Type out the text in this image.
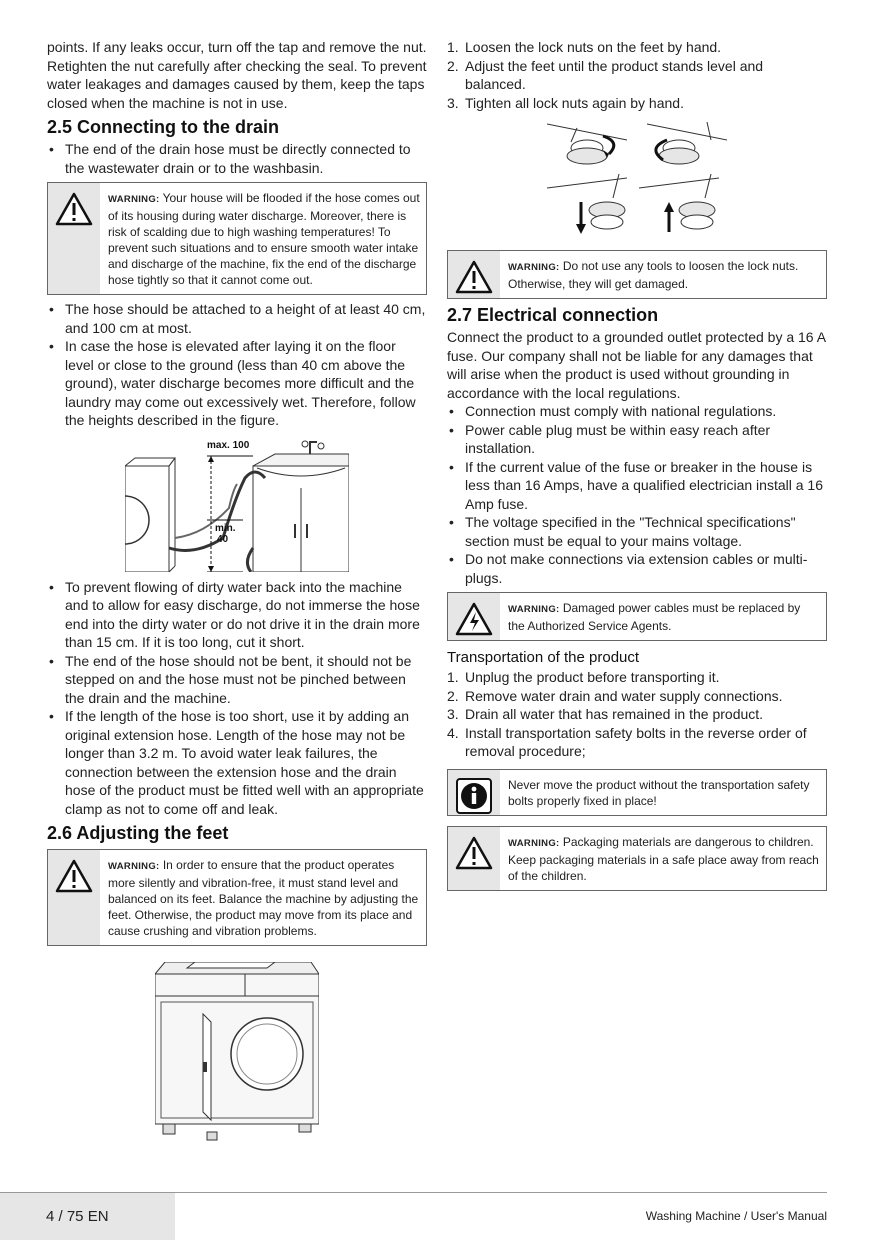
points. If any leaks occur, turn off the tap and remove the nut. Retighten the nut carefully after checking the seal. To prevent water leakages and damages caused by them, keep the taps closed when the machine is not in use.

2.5 Connecting to the drain
• The end of the drain hose must be directly connected to the wastewater drain or to the washbasin.
WARNING: Your house will be flooded if the hose comes out of its housing during water discharge. Moreover, there is risk of scalding due to high washing temperatures! To prevent such situations and to ensure smooth water intake and discharge of the machine, fix the end of the discharge hose tightly so that it cannot come out.
• The hose should be attached to a height of at least 40 cm, and 100 cm at most.
• In case the hose is elevated after laying it on the floor level or close to the ground (less than 40 cm above the ground), water discharge becomes more difficult and the laundry may come out excessively wet. Therefore, follow the heights described in the figure.
max. 100
min.
40
• To prevent flowing of dirty water back into the machine and to allow for easy discharge, do not immerse the hose end into the dirty water or do not drive it in the drain more than 15 cm. If it is too long, cut it short.
• The end of the hose should not be bent, it should not be stepped on and the hose must not be pinched between the drain and the machine.
• If the length of the hose is too short, use it by adding an original extension hose. Length of the hose may not be longer than 3.2 m. To avoid water leak failures, the connection between the extension hose and the drain hose of the product must be fitted well with an appropriate clamp as not to come off and leak.
2.6 Adjusting the feet
WARNING: In order to ensure that the product operates more silently and vibration-free, it must stand level and balanced on its feet. Balance the machine by adjusting the feet. Otherwise, the product may move from its place and cause crushing and vibration problems.
1. Loosen the lock nuts on the feet by hand.
2. Adjust the feet until the product stands level and balanced.
3. Tighten all lock nuts again by hand.
WARNING: Do not use any tools to loosen the lock nuts. Otherwise, they will get damaged.
2.7 Electrical connection

Connect the product to a grounded outlet protected by a 16 A fuse. Our company shall not be liable for any damages that will arise when the product is used without grounding in accordance with the local regulations.

• Connection must comply with national regulations.
• Power cable plug must be within easy reach after installation.
• If the current value of the fuse or breaker in the house is less than 16 Amps, have a qualified electrician install a 16 Amp fuse.
• The voltage specified in the "Technical specifications" section must be equal to your mains voltage.
• Do not make connections via extension cables or multi-plugs.
WARNING: Damaged power cables must be replaced by the Authorized Service Agents.
Transportation of the product
1. Unplug the product before transporting it.
2. Remove water drain and water supply connections.
3. Drain all water that has remained in the product.
4. Install transportation safety bolts in the reverse order of removal procedure;
Never move the product without the transportation safety bolts properly fixed in place!
WARNING: Packaging materials are dangerous to children. Keep packaging materials in a safe place away from reach of the children.
4 / 75 EN	Washing Machine / User's Manual
